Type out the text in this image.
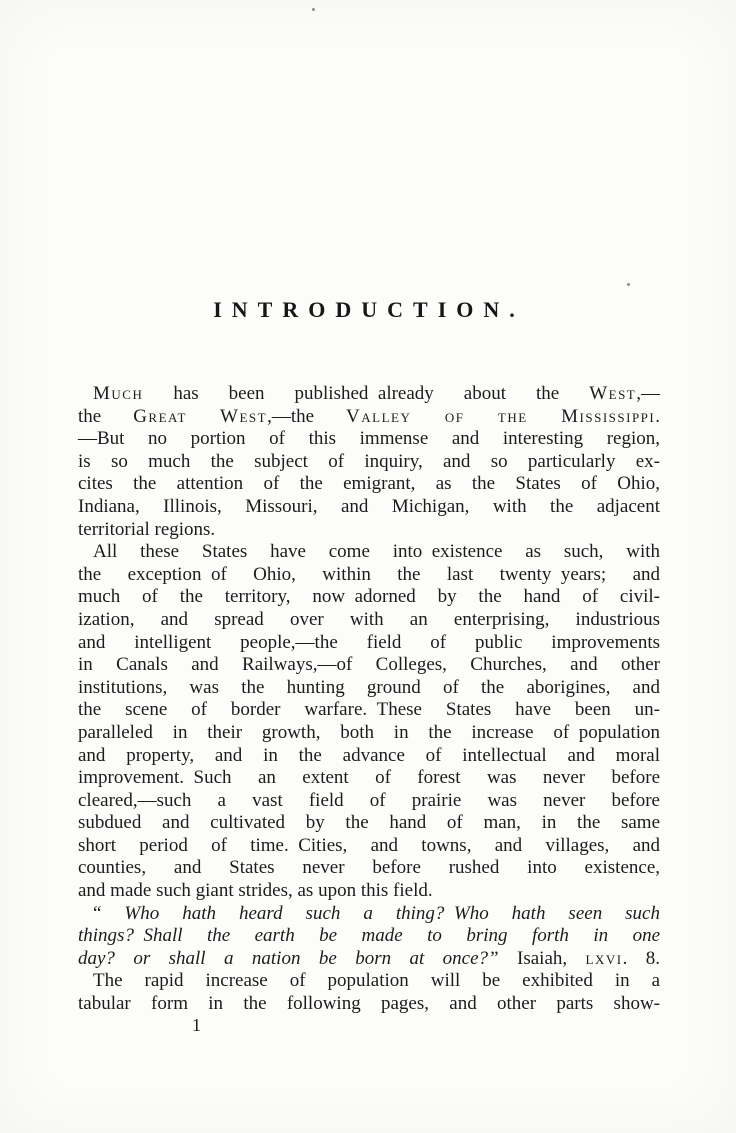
INTRODUCTION.
Much has been published already about the West,—
the Great West,—the Valley of the Mississippi.
—But no portion of this immense and interesting region,
is so much the subject of inquiry, and so particularly ex-
cites the attention of the emigrant, as the States of Ohio,
Indiana, Illinois, Missouri, and Michigan, with the adjacent
territorial regions.
All these States have come into existence as such, with
the exception of Ohio, within the last twenty years; and
much of the territory, now adorned by the hand of civil-
ization, and spread over with an enterprising, industrious
and intelligent people,—the field of public improvements
in Canals and Railways,—of Colleges, Churches, and other
institutions, was the hunting ground of the aborigines, and
the scene of border warfare. These States have been un-
paralleled in their growth, both in the increase of population
and property, and in the advance of intellectual and moral
improvement. Such an extent of forest was never before
cleared,—such a vast field of prairie was never before
subdued and cultivated by the hand of man, in the same
short period of time. Cities, and towns, and villages, and
counties, and States never before rushed into existence,
and made such giant strides, as upon this field.
“ Who hath heard such a thing? Who hath seen such
things? Shall the earth be made to bring forth in one
day? or shall a nation be born at once?” Isaiah, lxvi. 8.
The rapid increase of population will be exhibited in a
tabular form in the following pages, and other parts show-
1
